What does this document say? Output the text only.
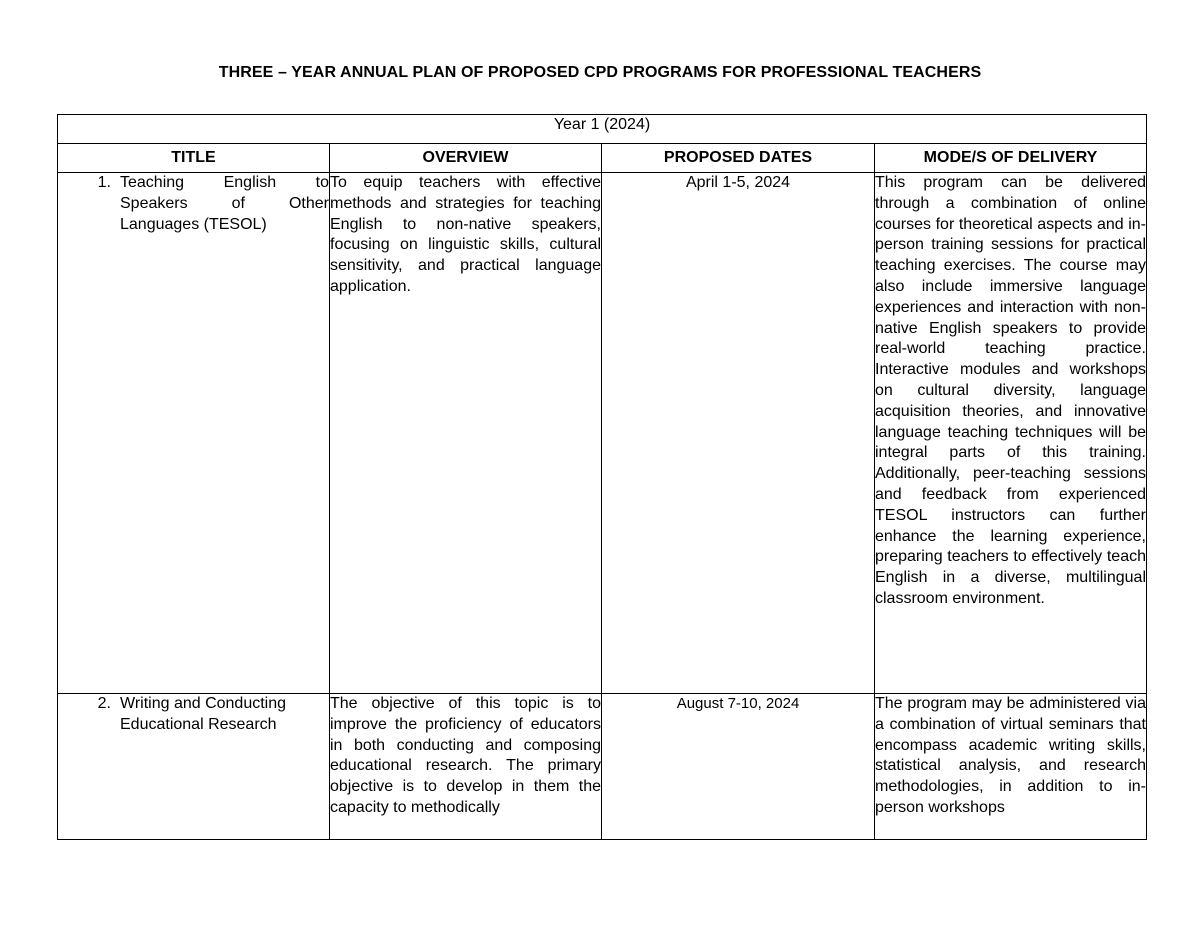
THREE – YEAR ANNUAL PLAN OF PROPOSED CPD PROGRAMS FOR PROFESSIONAL TEACHERS
Year 1 (2024)			
TITLE	OVERVIEW	PROPOSED DATES	MODE/S OF DELIVERY

1. Teaching English to Speakers of Other Languages (TESOL)	To equip teachers with effective methods and strategies for teaching English to non-native speakers, focusing on linguistic skills, cultural sensitivity, and practical language application.	April 1-5, 2024	This program can be delivered through a combination of online courses for theoretical aspects and in-person training sessions for practical teaching exercises. The course may also include immersive language experiences and interaction with non-native English speakers to provide real-world teaching practice. Interactive modules and workshops on cultural diversity, language acquisition theories, and innovative language teaching techniques will be integral parts of this training. Additionally, peer-teaching sessions and feedback from experienced TESOL instructors can further enhance the learning experience, preparing teachers to effectively teach English in a diverse, multilingual classroom environment.

2. Writing and Conducting Educational Research	The objective of this topic is to improve the proficiency of educators in both conducting and composing educational research. The primary objective is to develop in them the capacity to methodically	August 7-10, 2024	The program may be administered via a combination of virtual seminars that encompass academic writing skills, statistical analysis, and research methodologies, in addition to in-person workshops
